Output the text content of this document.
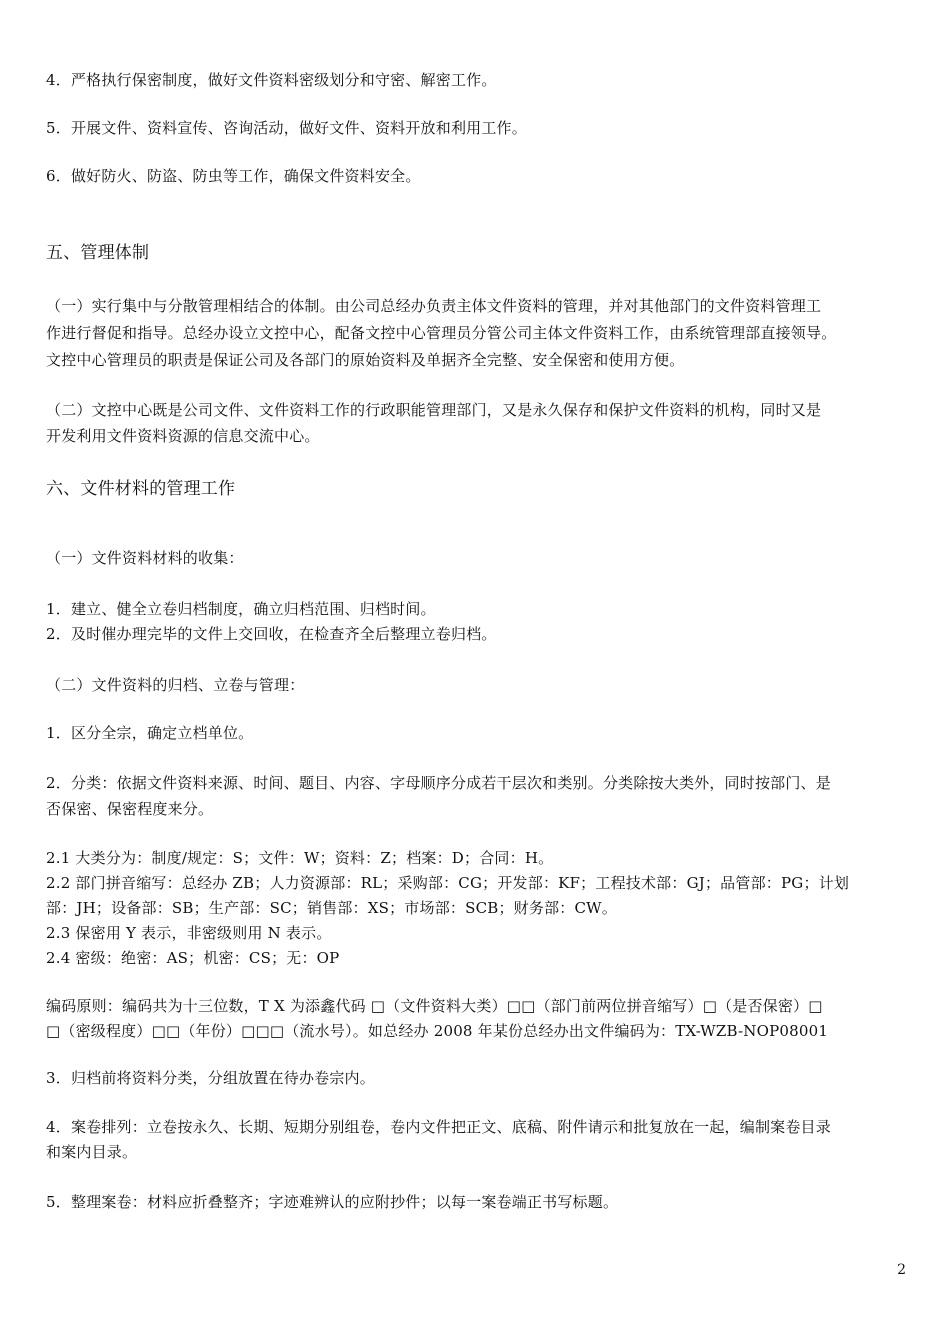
4．严格执行保密制度，做好文件资料密级划分和守密、解密工作。
5．开展文件、资料宣传、咨询活动，做好文件、资料开放和利用工作。
6．做好防火、防盗、防虫等工作，确保文件资料安全。
五、管理体制
（一）实行集中与分散管理相结合的体制。由公司总经办负责主体文件资料的管理，并对其他部门的文件资料管理工
作进行督促和指导。总经办设立文控中心，配备文控中心管理员分管公司主体文件资料工作，由系统管理部直接领导。
文控中心管理员的职责是保证公司及各部门的原始资料及单据齐全完整、安全保密和使用方便。
（二）文控中心既是公司文件、文件资料工作的行政职能管理部门，又是永久保存和保护文件资料的机构，同时又是
开发利用文件资料资源的信息交流中心。
六、文件材料的管理工作
（一）文件资料材料的收集：
1．建立、健全立卷归档制度，确立归档范围、归档时间。
2．及时催办理完毕的文件上交回收，在检查齐全后整理立卷归档。
（二）文件资料的归档、立卷与管理：
1．区分全宗，确定立档单位。
2．分类：依据文件资料来源、时间、题目、内容、字母顺序分成若干层次和类别。分类除按大类外，同时按部门、是
否保密、保密程度来分。
2.1 大类分为：制度/规定：S；文件：W；资料：Z；档案：D；合同：H。
2.2 部门拼音缩写：总经办 ZB；人力资源部：RL；采购部：CG；开发部：KF；工程技术部：GJ；品管部：PG；计划
部：JH；设备部：SB；生产部：SC；销售部：XS；市场部：SCB；财务部：CW。
2.3 保密用 Y 表示，非密级则用 N 表示。
2.4 密级：绝密：AS；机密：CS；无：OP
编码原则：编码共为十三位数，T X 为添鑫代码 □（文件资料大类）□□（部门前两位拼音缩写）□（是否保密）□
□（密级程度）□□（年份）□□□（流水号）。如总经办 2008 年某份总经办出文件编码为：TX-WZB-NOP08001
3．归档前将资料分类，分组放置在待办卷宗内。
4．案卷排列：立卷按永久、长期、短期分别组卷，卷内文件把正文、底稿、附件请示和批复放在一起，编制案卷目录
和案内目录。
5．整理案卷：材料应折叠整齐；字迹难辨认的应附抄件；以每一案卷端正书写标题。
2
